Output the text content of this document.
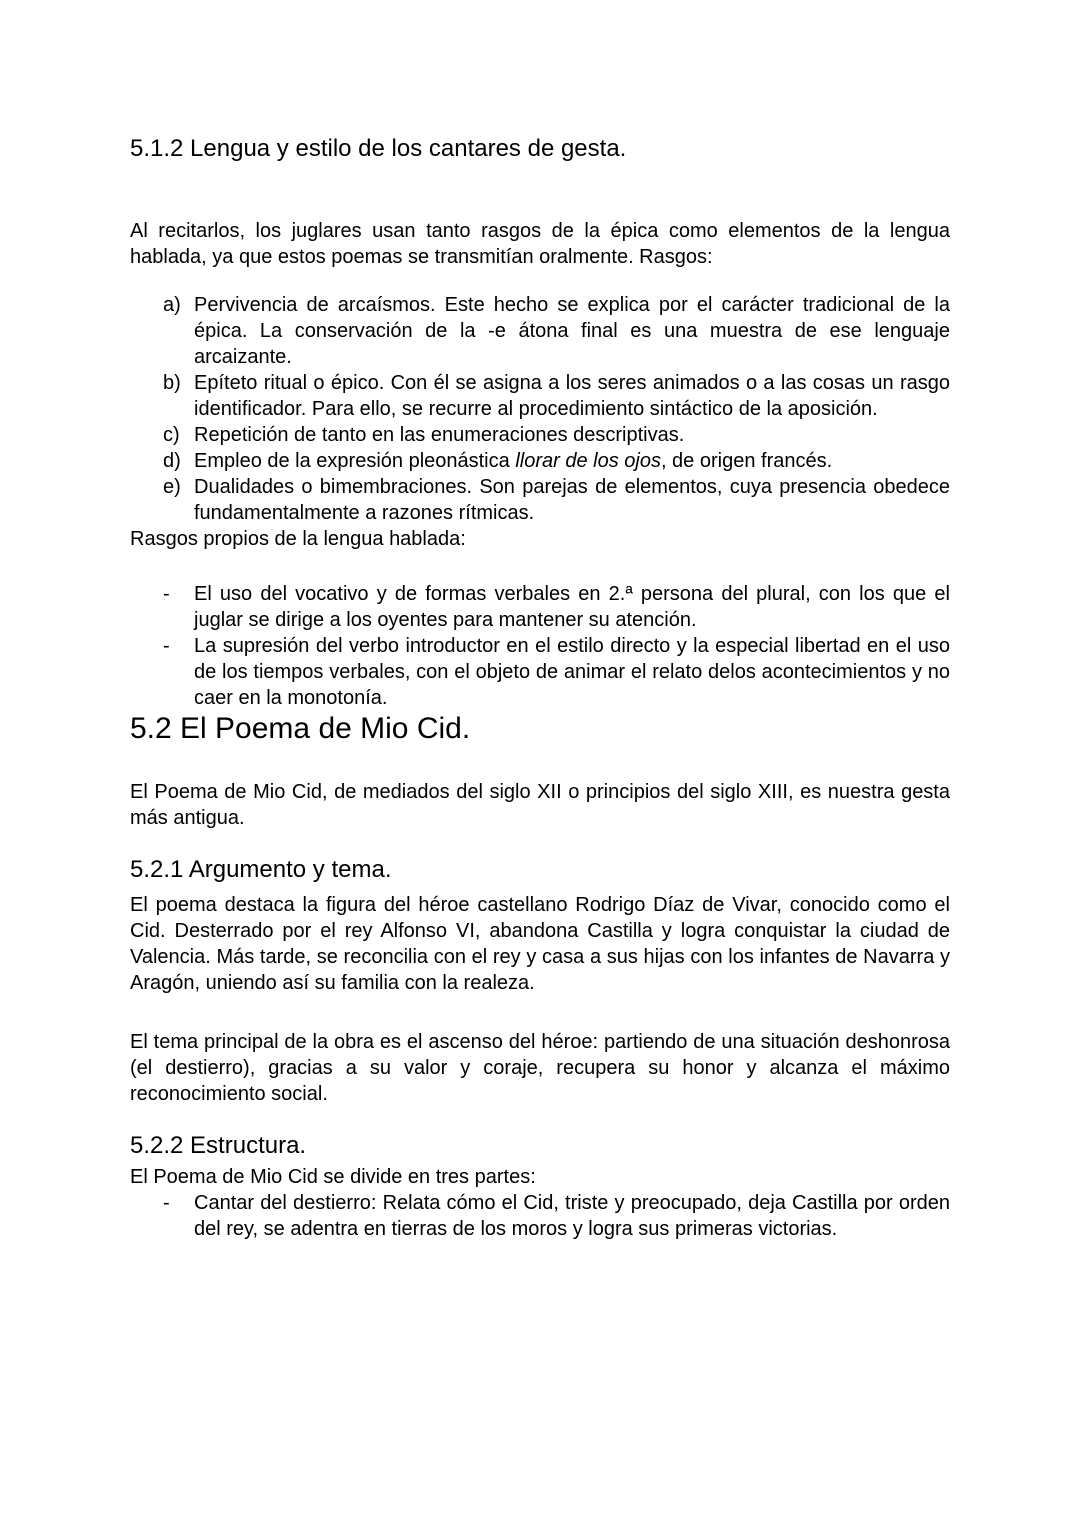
5.1.2 Lengua y estilo de los cantares de gesta.

Al recitarlos, los juglares usan tanto rasgos de la épica como elementos de la lengua hablada, ya que estos poemas se transmitían oralmente. Rasgos:

a) Pervivencia de arcaísmos. Este hecho se explica por el carácter tradicional de la épica. La conservación de la -e átona final es una muestra de ese lenguaje arcaizante.
b) Epíteto ritual o épico. Con él se asigna a los seres animados o a las cosas un rasgo identificador. Para ello, se recurre al procedimiento sintáctico de la aposición.
c) Repetición de tanto en las enumeraciones descriptivas.
d) Empleo de la expresión pleonástica llorar de los ojos, de origen francés.
e) Dualidades o bimembraciones. Son parejas de elementos, cuya presencia obedece fundamentalmente a razones rítmicas.

Rasgos propios de la lengua hablada:

-	El uso del vocativo y de formas verbales en 2.ª persona del plural, con los que el juglar se dirige a los oyentes para mantener su atención.
-	La supresión del verbo introductor en el estilo directo y la especial libertad en el uso de los tiempos verbales, con el objeto de animar el relato delos acontecimientos y no caer en la monotonía.
5.2 El Poema de Mio Cid.

El Poema de Mio Cid, de mediados del siglo XII o principios del siglo XIII, es nuestra gesta más antigua.

5.2.1 Argumento y tema.

El poema destaca la figura del héroe castellano Rodrigo Díaz de Vivar, conocido como el Cid. Desterrado por el rey Alfonso VI, abandona Castilla y logra conquistar la ciudad de Valencia. Más tarde, se reconcilia con el rey y casa a sus hijas con los infantes de Navarra y Aragón, uniendo así su familia con la realeza.

El tema principal de la obra es el ascenso del héroe: partiendo de una situación deshonrosa (el destierro), gracias a su valor y coraje, recupera su honor y alcanza el máximo reconocimiento social.

5.2.2 Estructura.

El Poema de Mio Cid se divide en tres partes:

-	Cantar del destierro: Relata cómo el Cid, triste y preocupado, deja Castilla por orden del rey, se adentra en tierras de los moros y logra sus primeras victorias.
